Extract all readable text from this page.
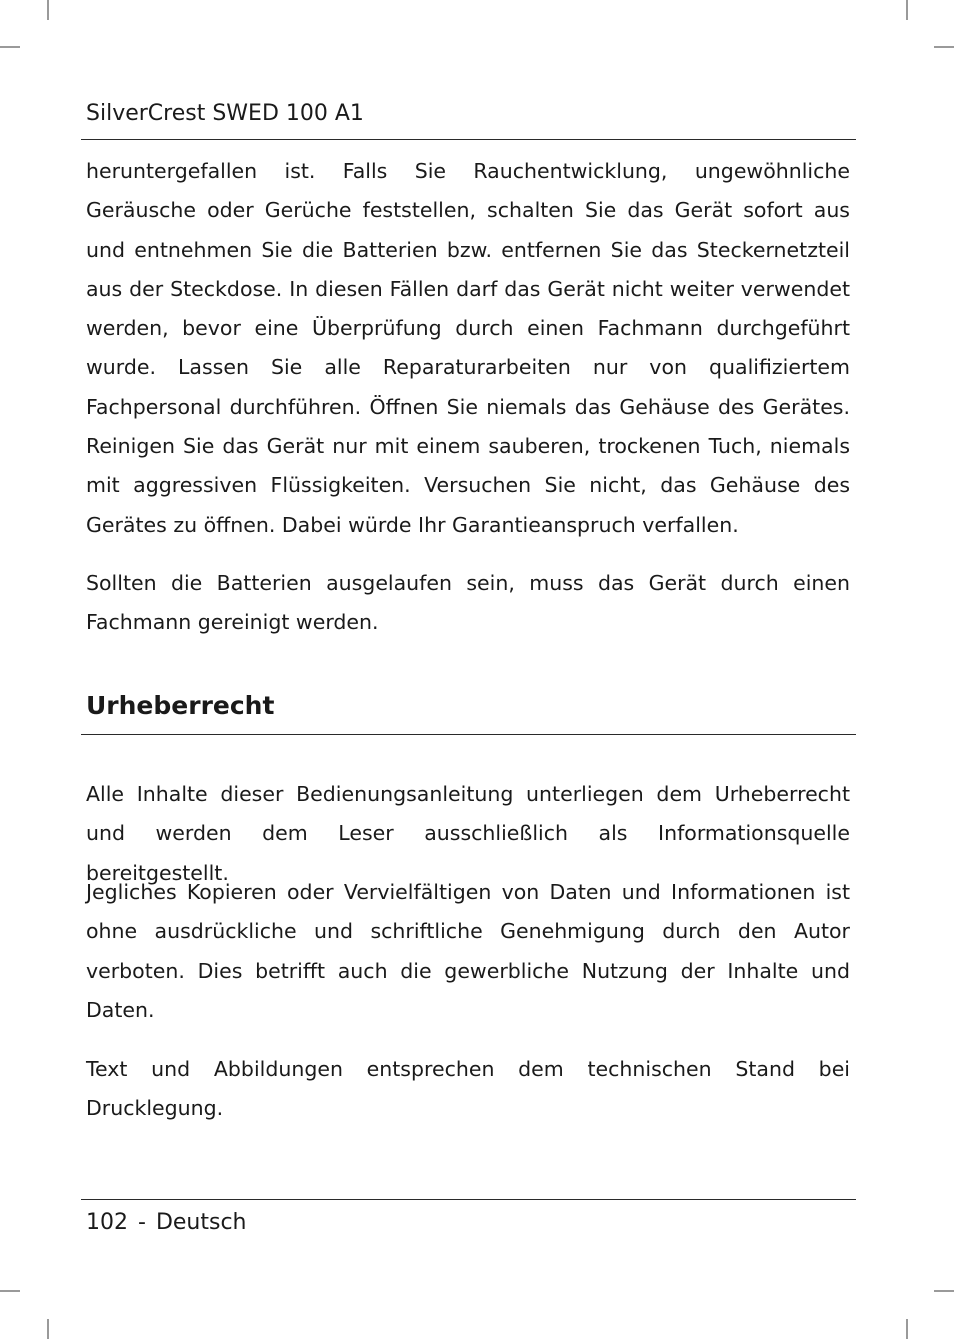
SilverCrest SWED 100 A1

heruntergefallen ist. Falls Sie Rauchentwicklung, ungewöhnliche Geräusche oder Gerüche feststellen, schalten Sie das Gerät sofort aus und entnehmen Sie die Batterien bzw. entfernen Sie das Steckernetzteil aus der Steckdose. In diesen Fällen darf das Gerät nicht weiter verwendet werden, bevor eine Überprüfung durch einen Fachmann durchgeführt wurde. Lassen Sie alle Reparaturarbeiten nur von qualifiziertem Fachpersonal durchführen. Öffnen Sie niemals das Gehäuse des Gerätes. Reinigen Sie das Gerät nur mit einem sauberen, trockenen Tuch, niemals mit aggressiven Flüssigkeiten. Versuchen Sie nicht, das Gehäuse des Gerätes zu öffnen. Dabei würde Ihr Garantieanspruch verfallen.

Sollten die Batterien ausgelaufen sein, muss das Gerät durch einen Fachmann gereinigt werden.

Urheberrecht

Alle Inhalte dieser Bedienungsanleitung unterliegen dem Urheberrecht und werden dem Leser ausschließlich als Informationsquelle bereitgestellt.

Jegliches Kopieren oder Vervielfältigen von Daten und Informationen ist ohne ausdrückliche und schriftliche Genehmigung durch den Autor verboten. Dies betrifft auch die gewerbliche Nutzung der Inhalte und Daten.

Text und Abbildungen entsprechen dem technischen Stand bei Drucklegung.

102 - Deutsch
